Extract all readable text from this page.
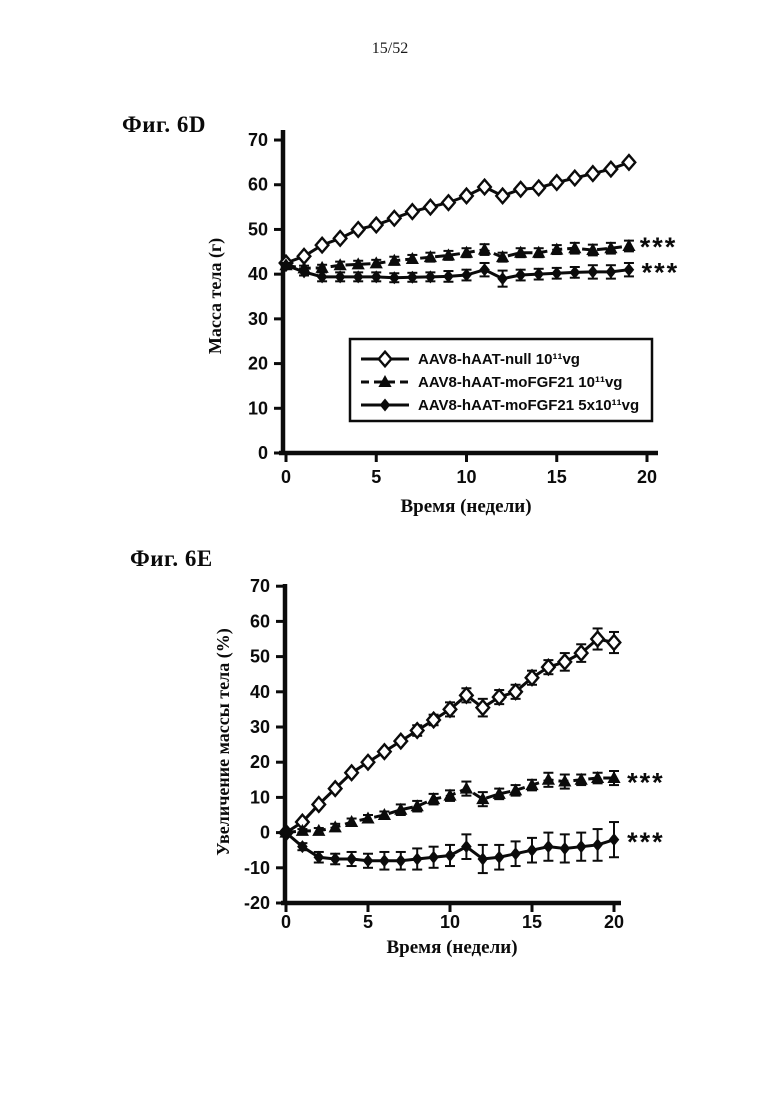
15/52
Фиг. 6D
0
10
20
30
40
50
60
70
0	5	10	15	20
Время (недели)
Масса тела (г)	***
***
AAV8-hAAT-null 10¹¹vg
AAV8-hAAT-moFGF21 10¹¹vg
AAV8-hAAT-moFGF21 5x10¹¹vg
Фиг. 6E
-20
-10
0
10
20
30
40
50
60
70
0	5	10	15	20
Время (недели)
Увеличение массы тела (%)	***
***
